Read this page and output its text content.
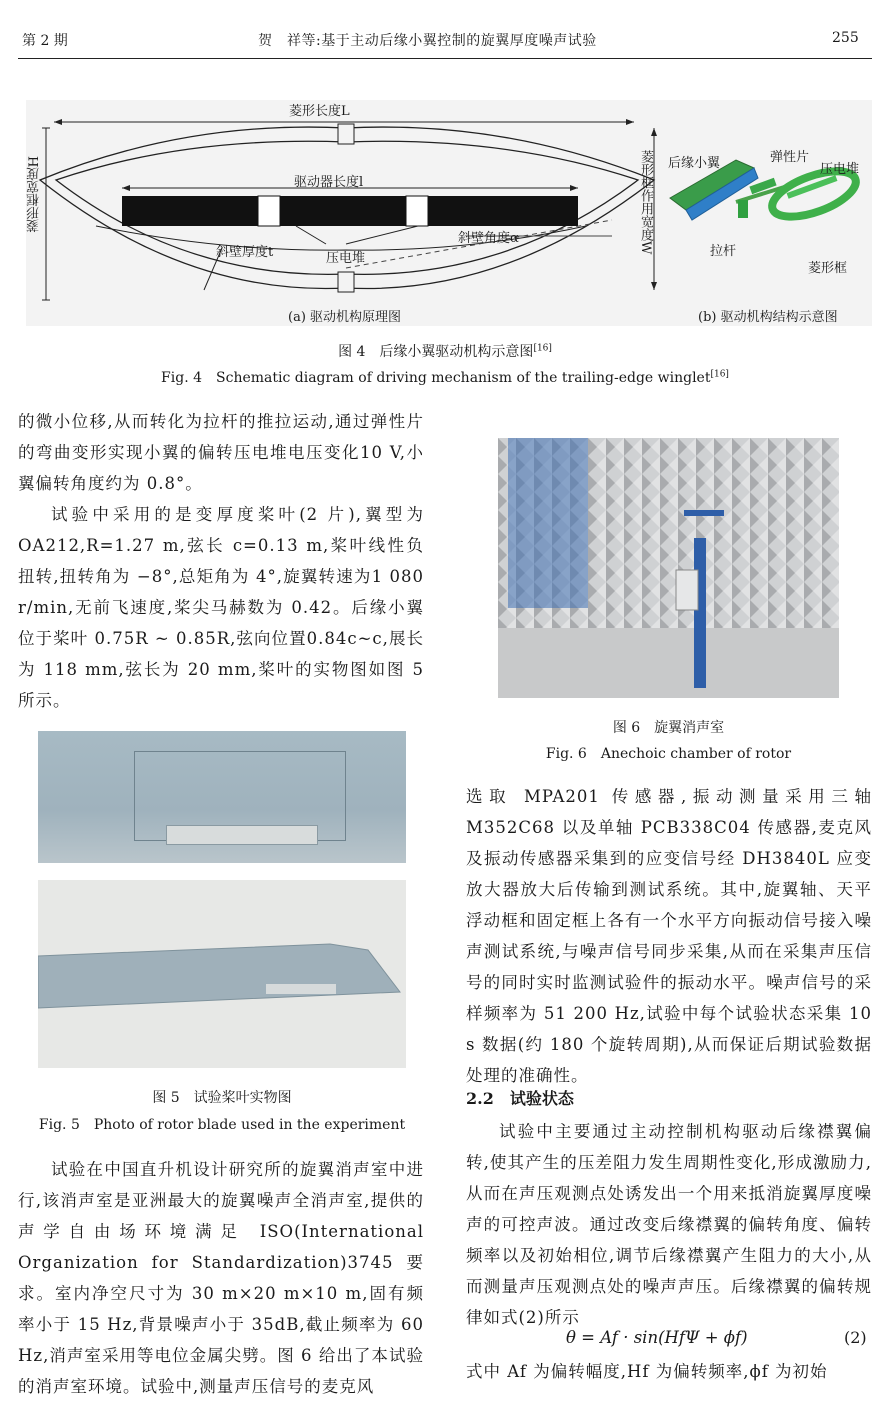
第 2 期	贺　祥等:基于主动后缘小翼控制的旋翼厚度噪声试验	255
菱形长度L
驱动器长度l
斜壁厚度t	压电堆
斜壁角度α
菱形框宽度H	菱形框作用宽度W
(a) 驱动机构原理图
后缘小翼	弹性片
压电堆
拉杆
菱形框
(b) 驱动机构结构示意图
图 4　后缘小翼驱动机构示意图[16]
Fig. 4　Schematic diagram of driving mechanism of the trailing-edge winglet[16]

的微小位移,从而转化为拉杆的推拉运动,通过弹性片的弯曲变形实现小翼的偏转压电堆电压变化10 V,小翼偏转角度约为 0.8°。

试验中采用的是变厚度桨叶(2 片),翼型为OA212,R=1.27 m,弦长 c=0.13 m,桨叶线性负扭转,扭转角为 −8°,总矩角为 4°,旋翼转速为1 080 r/min,无前飞速度,桨尖马赫数为 0.42。后缘小翼位于桨叶 0.75R ~ 0.85R,弦向位置0.84c~c,展长为 118 mm,弦长为 20 mm,桨叶的实物图如图 5 所示。

图 5　试验桨叶实物图
Fig. 5　Photo of rotor blade used in the experiment

试验在中国直升机设计研究所的旋翼消声室中进行,该消声室是亚洲最大的旋翼噪声全消声室,提供的声学自由场环境满足 ISO(International Organization for Standardization)3745 要求。室内净空尺寸为 30 m×20 m×10 m,固有频率小于 15 Hz,背景噪声小于 35dB,截止频率为 60 Hz,消声室采用等电位金属尖劈。图 6 给出了本试验的消声室环境。试验中,测量声压信号的麦克风

图 6　旋翼消声室
Fig. 6　Anechoic chamber of rotor

选取 MPA201 传感器,振动测量采用三轴M352C68 以及单轴 PCB338C04 传感器,麦克风及振动传感器采集到的应变信号经 DH3840L 应变放大器放大后传输到测试系统。其中,旋翼轴、天平浮动框和固定框上各有一个水平方向振动信号接入噪声测试系统,与噪声信号同步采集,从而在采集声压信号的同时实时监测试验件的振动水平。噪声信号的采样频率为 51 200 Hz,试验中每个试验状态采集 10 s 数据(约 180 个旋转周期),从而保证后期试验数据处理的准确性。

2.2　试验状态

试验中主要通过主动控制机构驱动后缘襟翼偏转,使其产生的压差阻力发生周期性变化,形成激励力,从而在声压观测点处诱发出一个用来抵消旋翼厚度噪声的可控声波。通过改变后缘襟翼的偏转角度、偏转频率以及初始相位,调节后缘襟翼产生阻力的大小,从而测量声压观测点处的噪声声压。后缘襟翼的偏转规律如式(2)所示

θ = Af · sin(HfΨ + ϕf)	(2)

式中 Af 为偏转幅度,Hf 为偏转频率,ϕf 为初始
